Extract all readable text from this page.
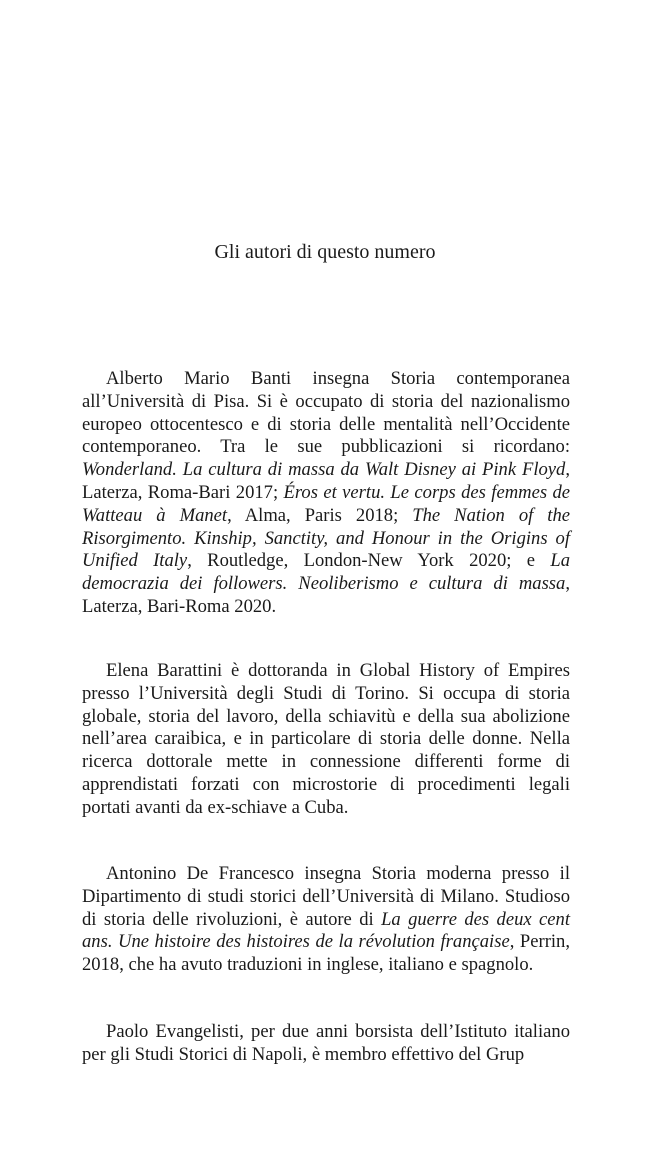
Gli autori di questo numero

Alberto Mario Banti insegna Storia contemporanea all’Università di Pisa. Si è occupato di storia del nazionalismo europeo ottocentesco e di storia delle mentalità nell’Occidente contemporaneo. Tra le sue pubblicazioni si ricordano: Wonderland. La cultura di massa da Walt Disney ai Pink Floyd, Laterza, Roma-Bari 2017; Éros et vertu. Le corps des femmes de Watteau à Manet, Alma, Paris 2018; The Nation of the Risorgimento. Kinship, Sanctity, and Honour in the Origins of Unified Italy, Routledge, London-New York 2020; e La democrazia dei followers. Neoliberismo e cultura di massa, Laterza, Bari-Roma 2020.

Elena Barattini è dottoranda in Global History of Empires presso l’Università degli Studi di Torino. Si occupa di storia globale, storia del lavoro, della schiavitù e della sua abolizione nell’area caraibica, e in particolare di storia delle donne. Nella ricerca dottorale mette in connessione differenti forme di apprendistati forzati con microstorie di procedimenti legali portati avanti da ex-schiave a Cuba.

Antonino De Francesco insegna Storia moderna presso il Dipartimento di studi storici dell’Università di Milano. Studioso di storia delle rivoluzioni, è autore di La guerre des deux cent ans. Une histoire des histoires de la révolution française, Perrin, 2018, che ha avuto traduzioni in inglese, italiano e spagnolo.

Paolo Evangelisti, per due anni borsista dell’Istituto italiano per gli Studi Storici di Napoli, è membro effettivo del Grup
